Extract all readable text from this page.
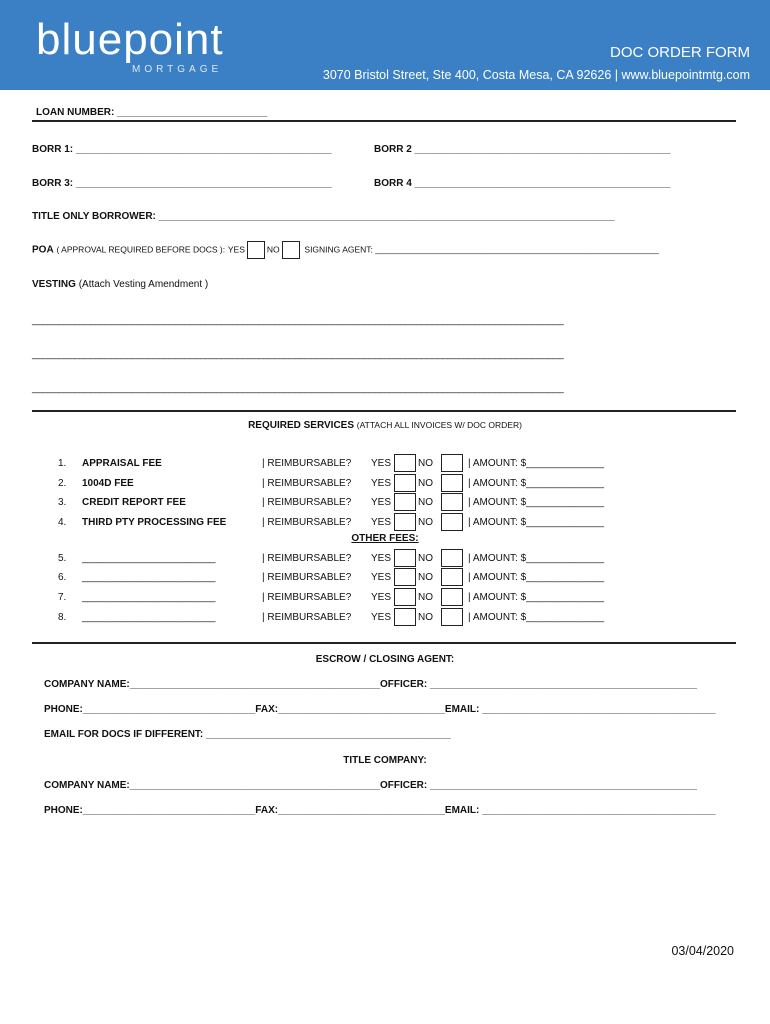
bluepoint
MORTGAGE
DOC ORDER FORM
3070 Bristol Street, Ste 400, Costa Mesa, CA 92626 | www.bluepointmtg.com
LOAN NUMBER: ___________________________
BORR 1: ______________________________________________	BORR 2 ______________________________________________
BORR 3: ______________________________________________	BORR 4 ______________________________________________
TITLE ONLY BORROWER: __________________________________________________________________________________
POA ( APPROVAL REQUIRED BEFORE DOCS ): YES	NO	SIGNING AGENT: ____________________________________________________________
VESTING (Attach Vesting Amendment )
_____________________________________________________________________________________________________
_____________________________________________________________________________________________________
_____________________________________________________________________________________________________
REQUIRED SERVICES (ATTACH ALL INVOICES W/ DOC ORDER)
1. APPRAISAL FEE	| REIMBURSABLE? YES	NO	| AMOUNT: $______________
2. 1004D FEE	| REIMBURSABLE? YES	NO	| AMOUNT: $______________
3. CREDIT REPORT FEE	| REIMBURSABLE? YES	NO	| AMOUNT: $______________
4. THIRD PTY PROCESSING FEE	| REIMBURSABLE? YES	NO	| AMOUNT: $______________
5. ________________________	| REIMBURSABLE? YES	NO	| AMOUNT: $______________
6. ________________________	| REIMBURSABLE? YES	NO	| AMOUNT: $______________
7. ________________________	| REIMBURSABLE? YES	NO	| AMOUNT: $______________
8. ________________________	| REIMBURSABLE? YES	NO	| AMOUNT: $______________
OTHER FEES:
ESCROW / CLOSING AGENT:
COMPANY NAME:_____________________________________________OFFICER: ________________________________________________
PHONE:_______________________________FAX:______________________________EMAIL: __________________________________________
EMAIL FOR DOCS IF DIFFERENT: ____________________________________________
TITLE COMPANY:
COMPANY NAME:_____________________________________________OFFICER: ________________________________________________
PHONE:_______________________________FAX:______________________________EMAIL: __________________________________________
03/04/2020
